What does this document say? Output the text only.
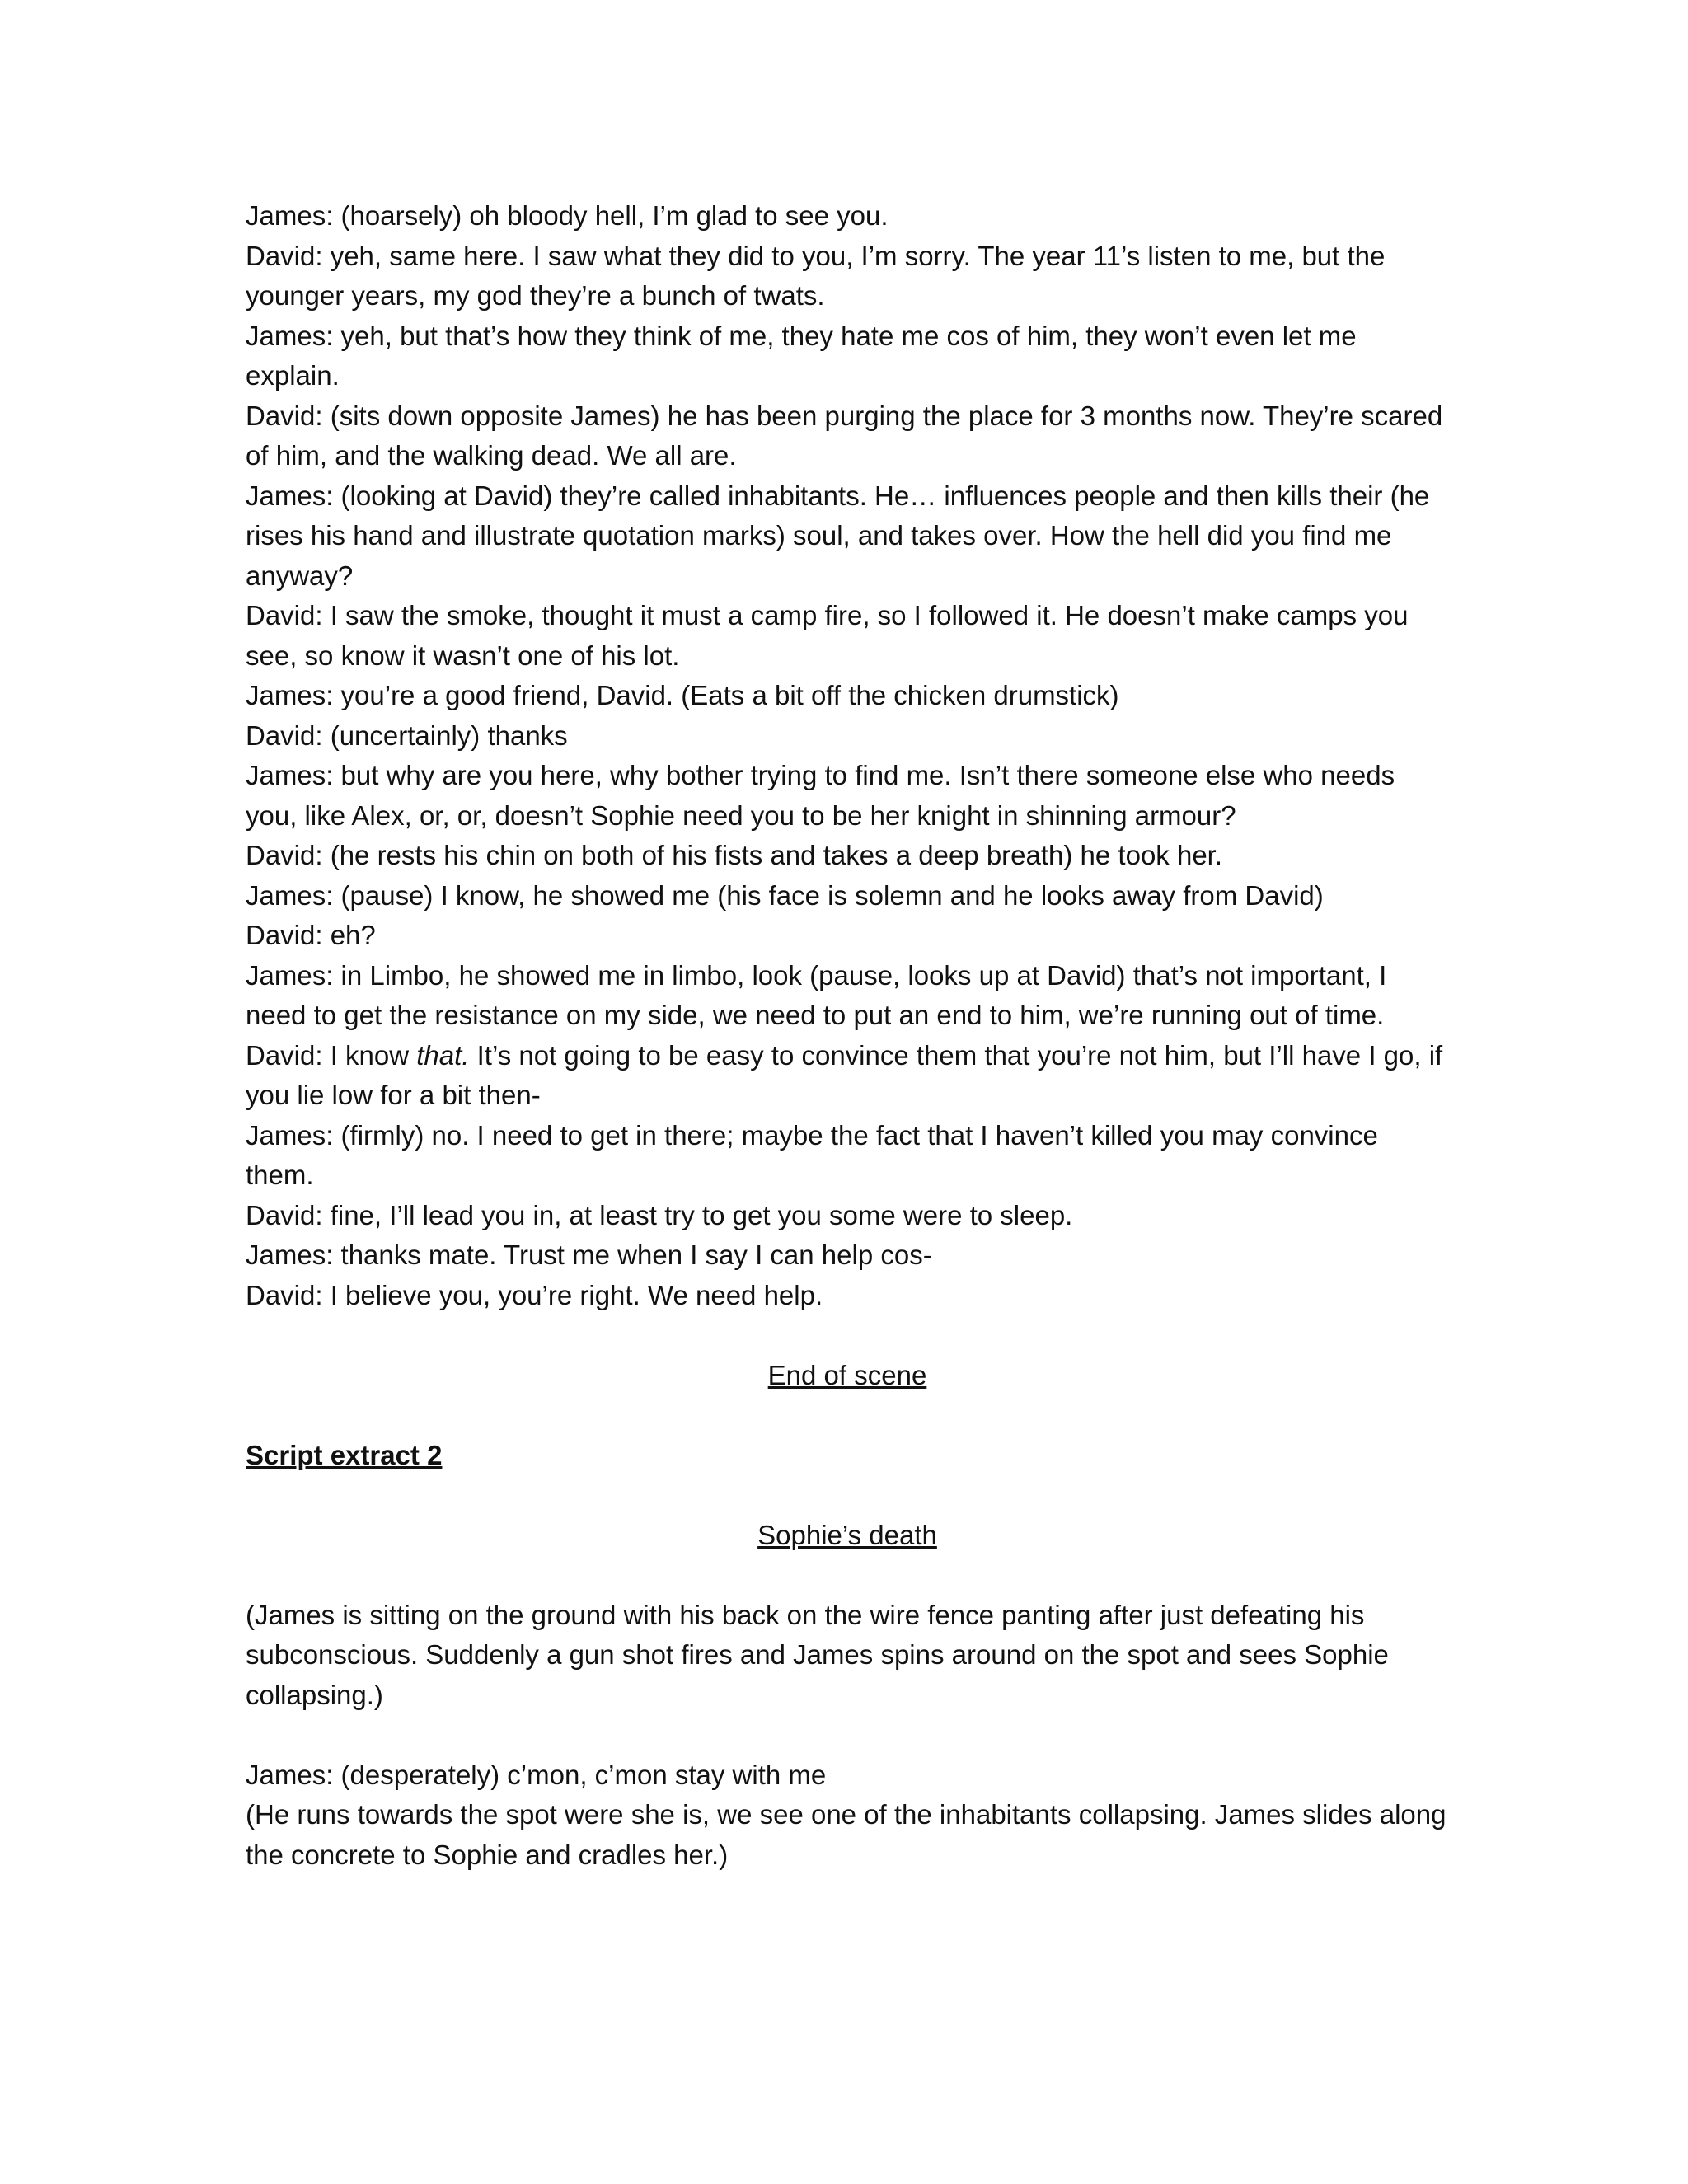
James: (hoarsely) oh bloody hell, I’m glad to see you.

David: yeh, same here. I saw what they did to you, I’m sorry. The year 11’s listen to me, but the younger years, my god they’re a bunch of twats.

James: yeh, but that’s how they think of me, they hate me cos of him, they won’t even let me explain.

David: (sits down opposite James) he has been purging the place for 3 months now. They’re scared of him, and the walking dead. We all are.

James: (looking at David) they’re called inhabitants. He… influences people and then kills their (he rises his hand and illustrate quotation marks) soul, and takes over. How the hell did you find me anyway?

David: I saw the smoke, thought it must a camp fire, so I followed it. He doesn’t make camps you see, so know it wasn’t one of his lot.

James: you’re a good friend, David. (Eats a bit off the chicken drumstick)

David: (uncertainly) thanks

James: but why are you here, why bother trying to find me. Isn’t there someone else who needs you, like Alex, or, or, doesn’t Sophie need you to be her knight in shinning armour?

David: (he rests his chin on both of his fists and takes a deep breath) he took her.

James: (pause) I know, he showed me (his face is solemn and he looks away from David)

David: eh?

James: in Limbo, he showed me in limbo, look (pause, looks up at David) that’s not important, I need to get the resistance on my side, we need to put an end to him, we’re running out of time.

David: I know that. It’s not going to be easy to convince them that you’re not him, but I’ll have I go, if you lie low for a bit then-

James: (firmly) no. I need to get in there; maybe the fact that I haven’t killed you may convince them.

David: fine, I’ll lead you in, at least try to get you some were to sleep.

James: thanks mate. Trust me when I say I can help cos-

David: I believe you, you’re right. We need help.

End of scene

Script extract 2

Sophie’s death

(James is sitting on the ground with his back on the wire fence panting after just defeating his subconscious. Suddenly a gun shot fires and James spins around on the spot and sees Sophie collapsing.)

James: (desperately) c’mon, c’mon stay with me

(He runs towards the spot were she is, we see one of the inhabitants collapsing. James slides along the concrete to Sophie and cradles her.)
